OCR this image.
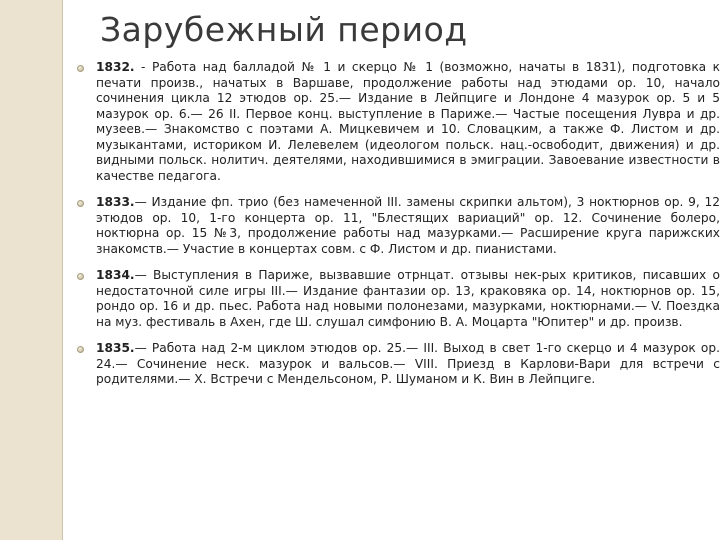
Зарубежный период
1832. - Работа над балладой № 1 и скерцо № 1 (возможно, начаты в 1831), подготовка к печати произв., начатых в Варшаве, продолжение работы над этюдами op. 10, начало сочинения цикла 12 этюдов op. 25.— Издание в Лейпциге и Лондоне 4 мазурок op. 5 и 5 мазурок op. 6.— 26 II. Первое конц. выступление в Париже.— Частые посещения Лувра и др. музеев.— Знакомство с поэтами А. Мицкевичем и 10. Словацким, а также Ф. Листом и др. музыкантами, историком И. Лелевелем (идеологом польск. нац.-освободит, движения) и др. видными польск. нолитич. деятелями, находившимися в эмиграции. Завоевание известности в качестве педагога.
1833.— Издание фп. трио (без намеченной III. замены скрипки альтом), 3 ноктюрнов op. 9, 12 этюдов op. 10, 1-го концерта op. 11, "Блестящих вариаций" op. 12. Сочинение болеро, ноктюрна op. 15 №3, продолжение работы над мазурками.— Расширение круга парижских знакомств.— Участие в концертах совм. с Ф. Листом и др. пианистами.
1834.— Выступления в Париже, вызвавшие отрнцат. отзывы нек-рых критиков, писавших о недостаточной силе игры III.— Издание фантазии op. 13, краковяка op. 14, ноктюрнов op. 15, рондо op. 16 и др. пьес. Работа над новыми полонезами, мазурками, ноктюрнами.— V. Поездка на муз. фестиваль в Ахен, где Ш. слушал симфонию В. А. Моцарта "Юпитер" и др. произв.
1835.— Работа над 2-м циклом этюдов op. 25.— III. Выход в свет 1-го скерцо и 4 мазурок op. 24.— Сочинение неск. мазурок и вальсов.— VIII. Приезд в Карлови-Вари для встречи с родителями.— X. Встречи с Мендельсоном, Р. Шуманом и К. Вин в Лейпциге.
